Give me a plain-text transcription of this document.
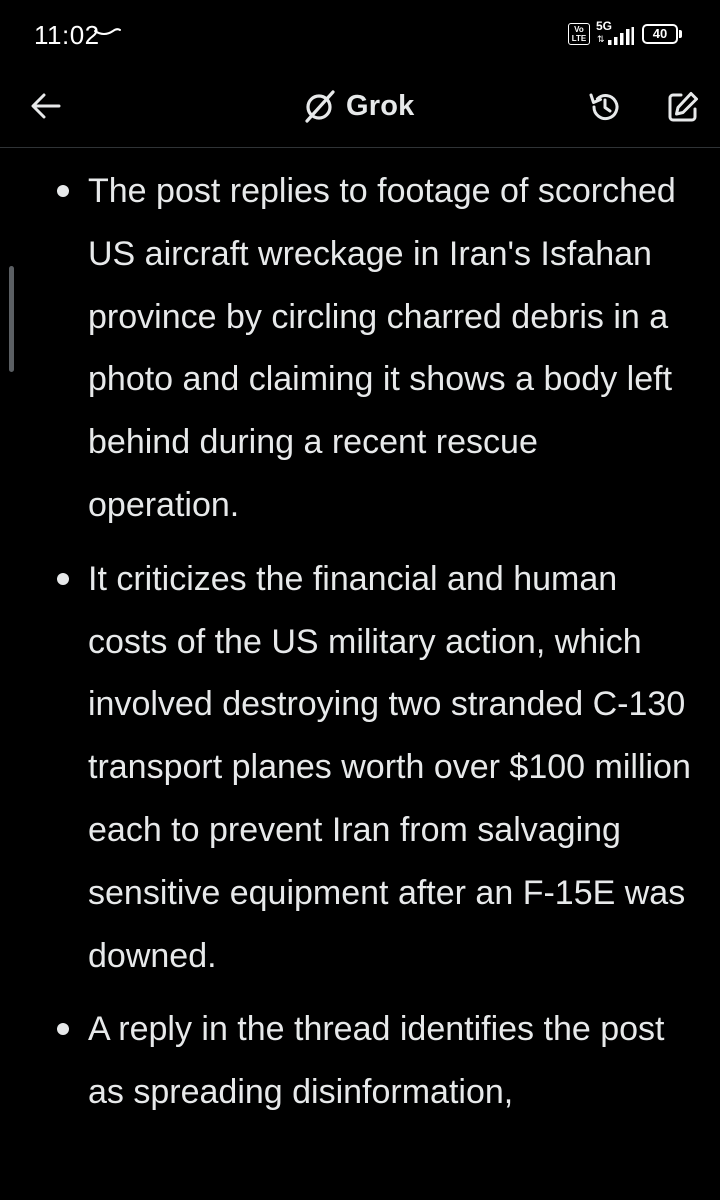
11:02	Vo
LTE
5G
⇅	40
Grok
The post replies to footage of scorched US aircraft wreckage in Iran's Isfahan province by circling charred debris in a photo and claiming it shows a body left behind during a recent rescue operation.
It criticizes the financial and human costs of the US military action, which involved destroying two stranded C-130 transport planes worth over $100 million each to prevent Iran from salvaging sensitive equipment after an F-15E was downed.
A reply in the thread identifies the post as spreading disinformation,
